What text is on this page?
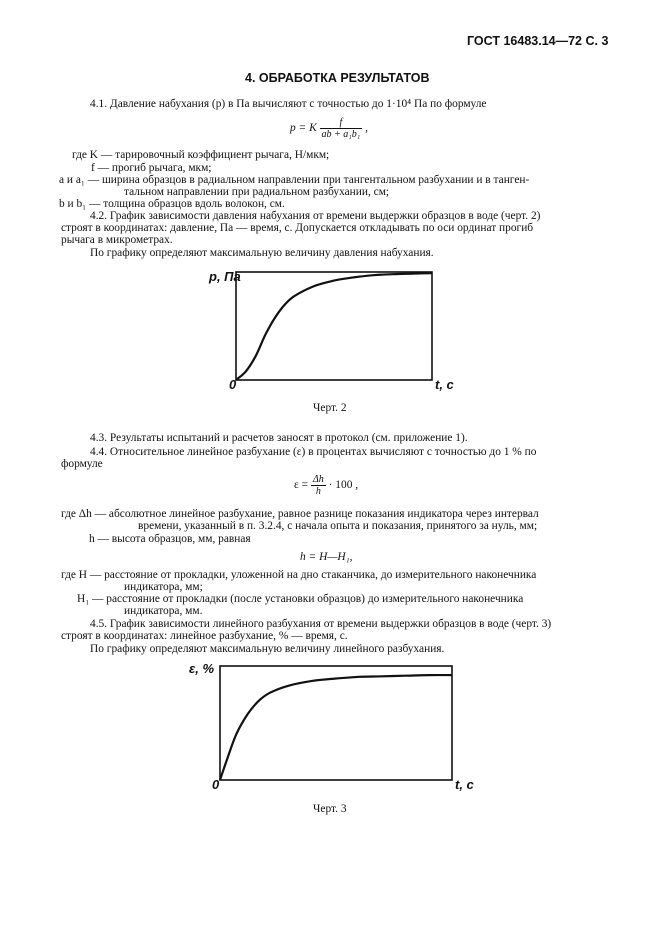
ГОСТ 16483.14—72 С. 3
4. ОБРАБОТКА РЕЗУЛЬТАТОВ
4.1. Давление набухания (p) в Па вычисляют с точностью до 1·10⁴ Па по формуле
p = K $\frac{f}{\text{ab + a₁b₁}}$ ,
где K — тарировочный коэффициент рычага, Н/мкм;
f — прогиб рычага, мкм;
a и a₁ — ширина образцов в радиальном направлении при тангентальном разбухании и в танген-
тальном направлении при радиальном разбухании, см;
b и b₁ — толщина образцов вдоль волокон, см.
4.2. График зависимости давления набухания от времени выдержки образцов в воде (черт. 2)
строят в координатах: давление, Па — время, с. Допускается откладывать по оси ординат прогиб
рычага в микрометрах.
По графику определяют максимальную величину давления набухания.
p, Па
0	t, с
Черт. 2
4.3. Результаты испытаний и расчетов заносят в протокол (см. приложение 1).
4.4. Относительное линейное разбухание (ε) в процентах вычисляют с точностью до 1 % по
формуле
$\varepsilon = \frac{\Delta h}{h} \cdot 100$ ,
где Δh — абсолютное линейное разбухание, равное разнице показания индикатора через интервал
времени, указанный в п. 3.2.4, с начала опыта и показания, принятого за нуль, мм;
h — высота образцов, мм, равная
h = H—H₁,
где H — расстояние от прокладки, уложенной на дно стаканчика, до измерительного наконечника
индикатора, мм;
H₁ — расстояние от прокладки (после установки образцов) до измерительного наконечника
индикатора, мм.
4.5. График зависимости линейного разбухания от времени выдержки образцов в воде (черт. 3)
строят в координатах: линейное разбухание, % — время, с.
По графику определяют максимальную величину линейного разбухания.
ε, %
0	t, с
Черт. 3
